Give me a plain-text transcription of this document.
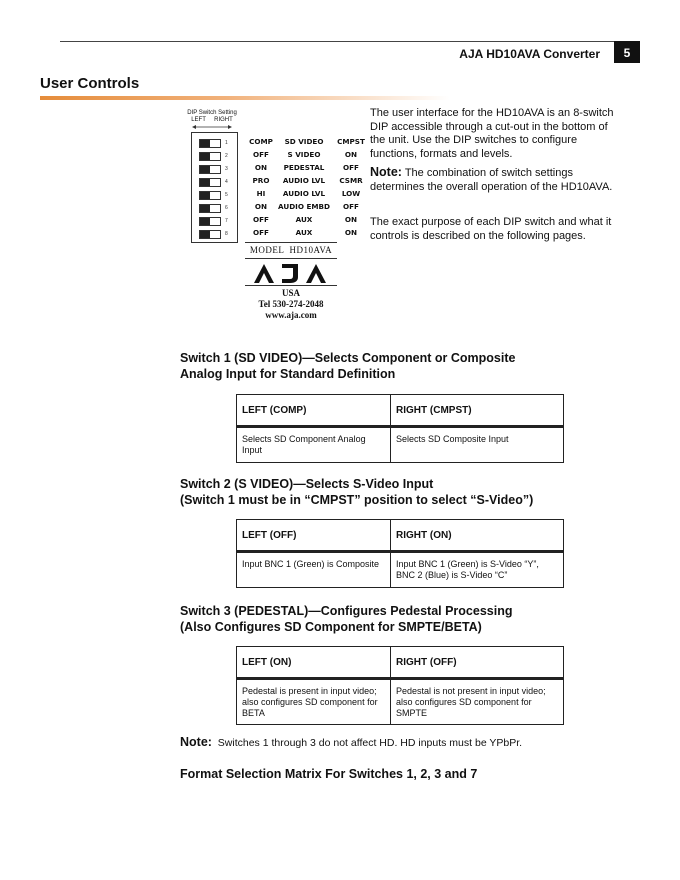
AJA HD10AVA Converter	5
User Controls
DIP Switch Setting
LEFT     RIGHT
1
2
3
4
5
6
7
8
COMP	SD VIDEO	CMPST
OFF	S VIDEO	ON
ON	PEDESTAL	OFF
PRO	AUDIO LVL	CSMR
HI	AUDIO LVL	LOW
ON	AUDIO EMBD	OFF
OFF	AUX	ON
OFF	AUX	ON
MODEL  HD10AVA
USA
Tel 530-274-2048
www.aja.com
The user interface for the HD10AVA is an 8-switch DIP accessible through a cut-out in the bottom of the unit. Use the DIP switches to configure functions, formats and levels.
Note: The combination of switch settings determines the overall operation of the HD10AVA.
The exact purpose of each DIP switch and what it controls is described on the following pages.
Switch 1 (SD VIDEO)—Selects Component or Composite
Analog Input for Standard Definition
LEFT (COMP)	RIGHT (CMPST)
Selects SD Component Analog Input	Selects SD Composite Input
Switch 2 (S VIDEO)—Selects S-Video Input
(Switch 1 must be in “CMPST” position to select “S-Video”)
LEFT (OFF)	RIGHT (ON)
Input BNC 1 (Green) is Composite	Input BNC 1 (Green) is S-Video “Y”, BNC 2 (Blue) is S-Video “C”
Switch 3 (PEDESTAL)—Configures Pedestal Processing
(Also Configures SD Component for SMPTE/BETA)
LEFT (ON)	RIGHT (OFF)
Pedestal is present in input video; also configures SD component for BETA	Pedestal is not present in input video; also configures SD component for SMPTE
Note: Switches 1 through 3 do not affect HD. HD inputs must be YPbPr.
Format Selection Matrix For Switches 1, 2, 3 and 7
